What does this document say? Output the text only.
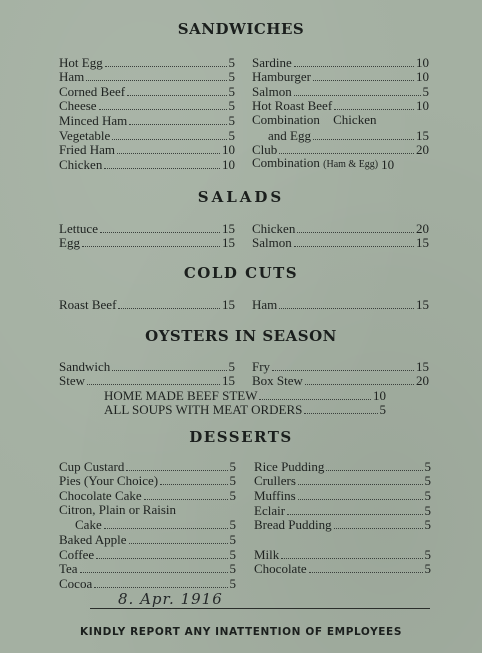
SANDWICHES
Hot Egg	5
Ham	5
Corned Beef	5
Cheese	5
Minced Ham	5
Vegetable	5
Fried Ham	10
Chicken	10
Sardine	10
Hamburger	10
Salmon	5
Hot Roast Beef	10
Combination Chicken
and Egg	15
Club	20
Combination (Ham & Egg) 10
SALADS
Lettuce	15
Egg	15
Chicken	20
Salmon	15
COLD CUTS
Roast Beef	15 Ham	15
OYSTERS IN SEASON
Sandwich	5
Stew	15
Fry	15
Box Stew	20
HOME MADE BEEF STEW	10
ALL SOUPS WITH MEAT ORDERS	5
DESSERTS
Cup Custard	5
Pies (Your Choice)	5
Chocolate Cake	5
Citron, Plain or Raisin
Cake	5
Baked Apple	5
Coffee	5
Tea	5
Cocoa	5
Rice Pudding	5
Crullers	5
Muffins	5
Eclair	5
Bread Pudding	5
Milk	5
Chocolate	5
8. Apr. 1916
KINDLY REPORT ANY INATTENTION OF EMPLOYEES
